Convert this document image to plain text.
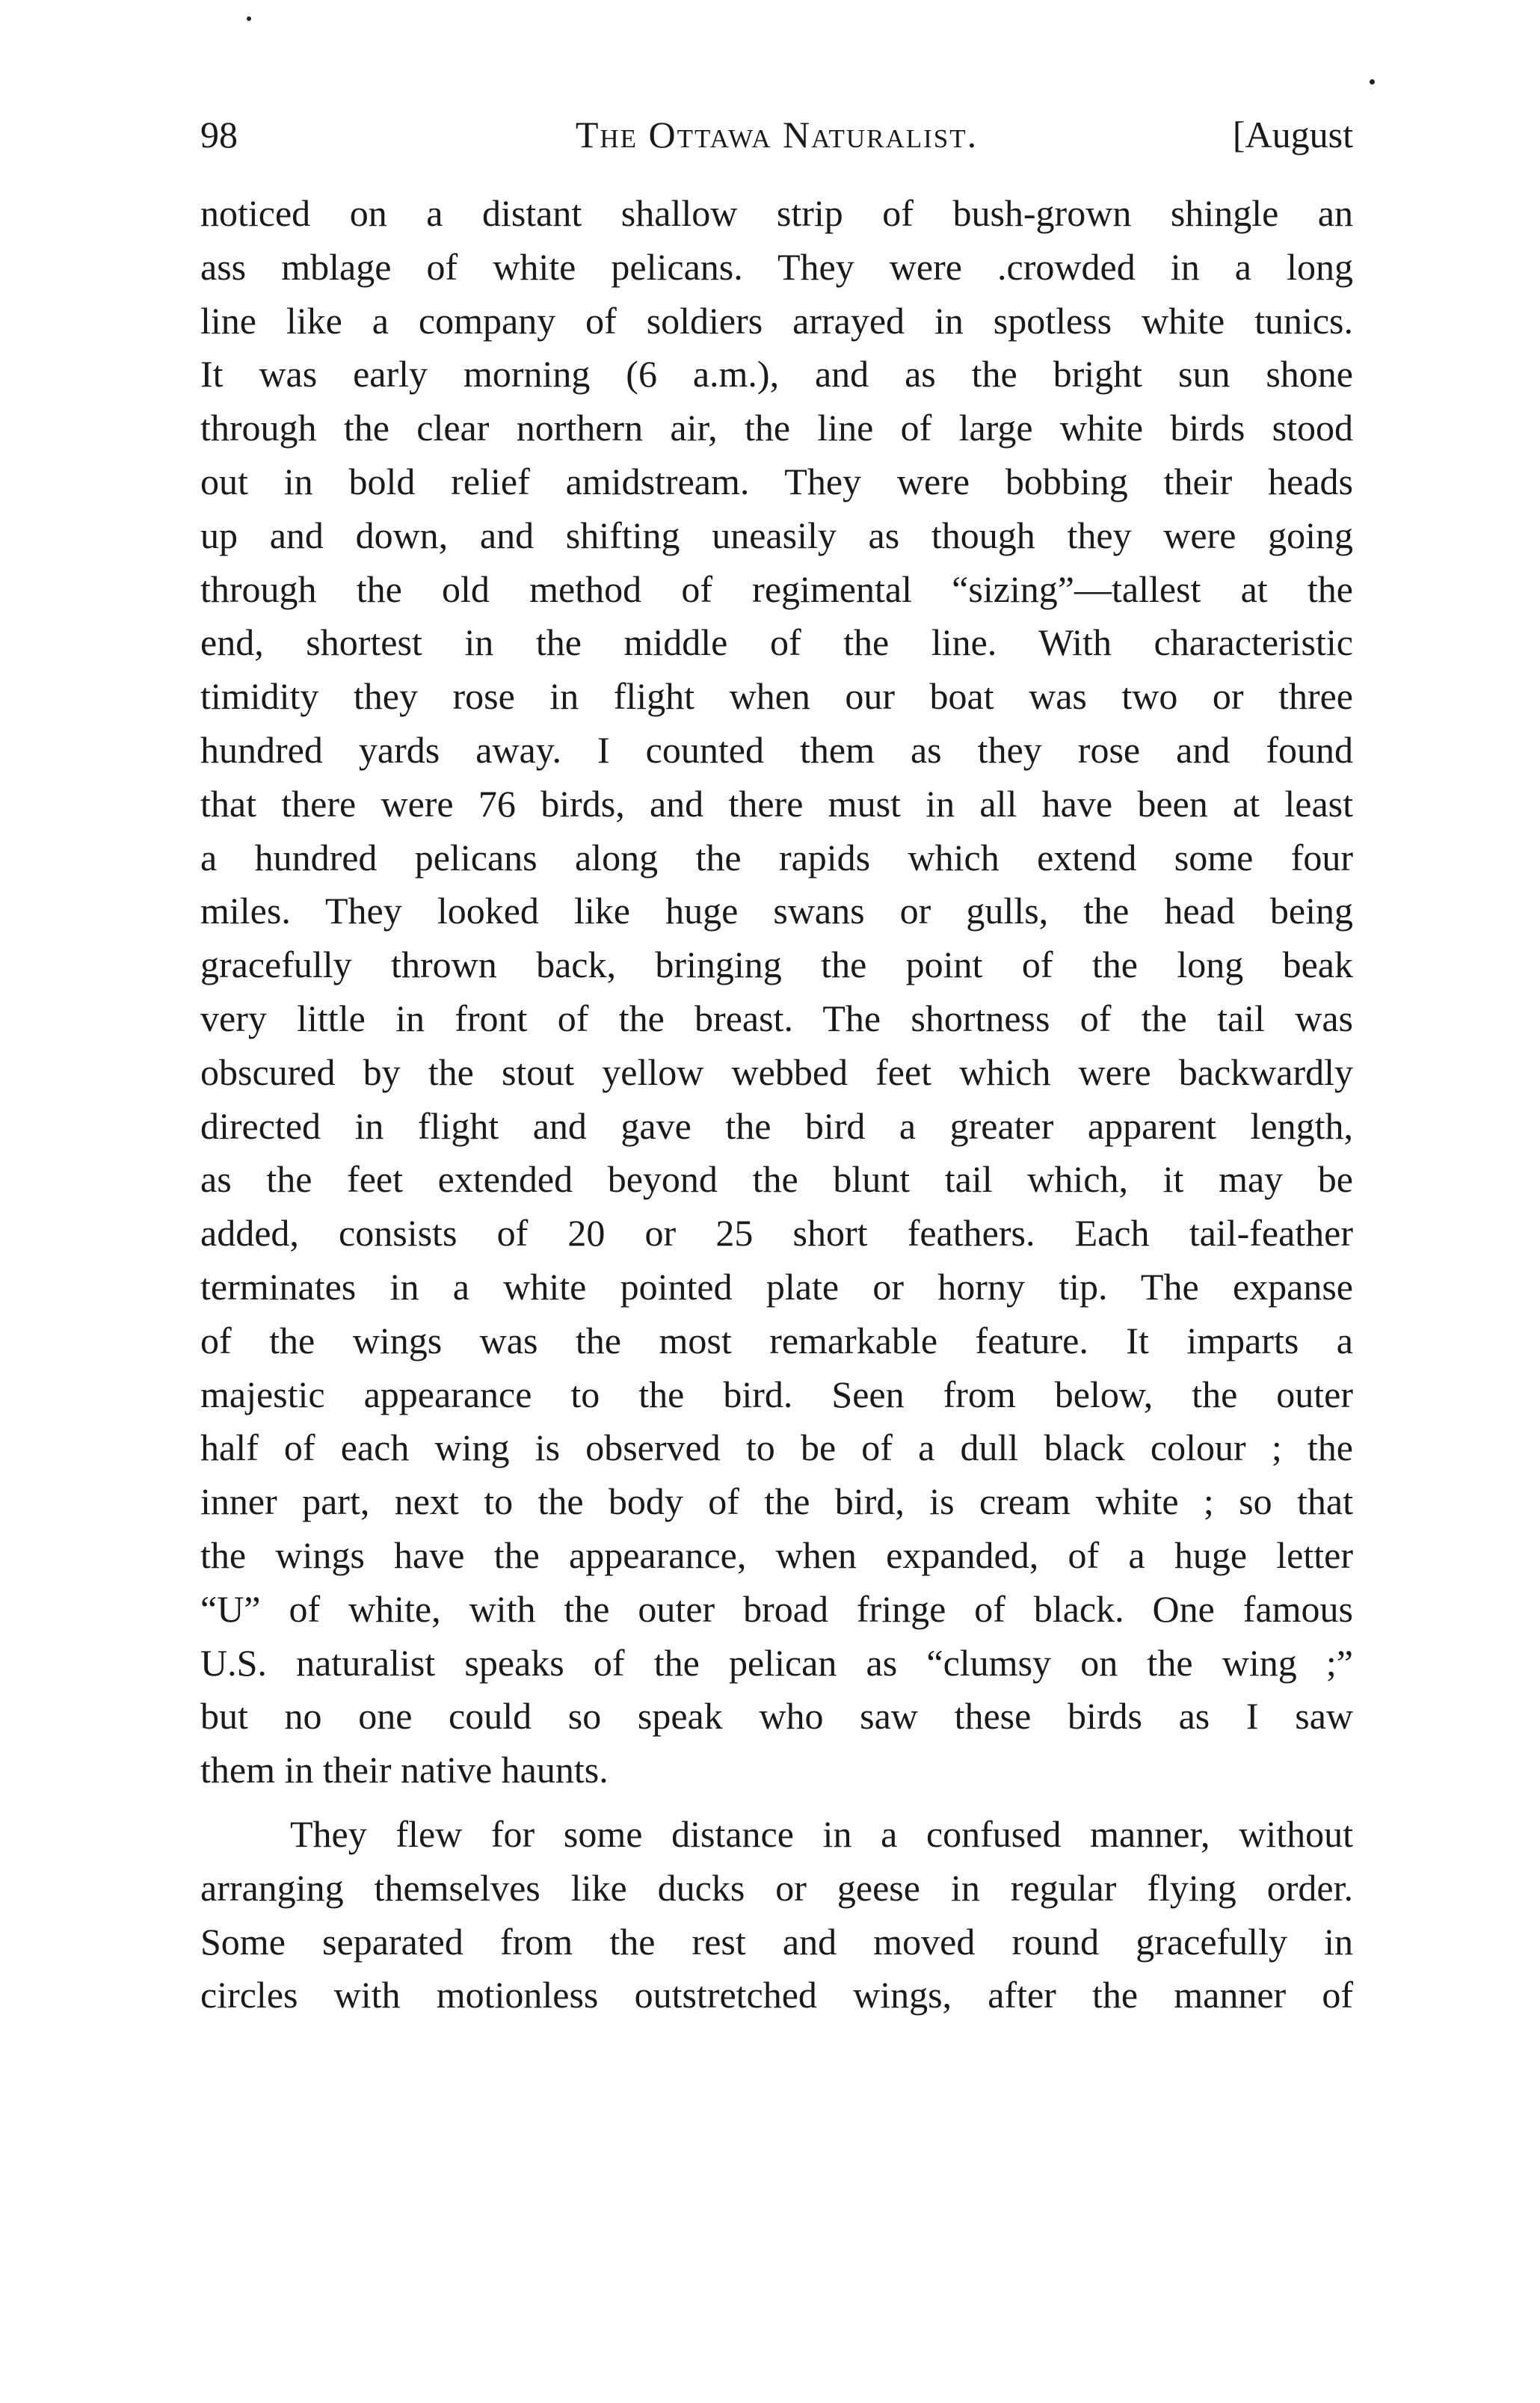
98	The Ottawa Naturalist.	[August
noticed on a distant shallow strip of bush-grown shingle an
ass mblage of white pelicans. They were .crowded in a long
line like a company of soldiers arrayed in spotless white tunics.
It was early morning (6 a.m.), and as the bright sun shone
through the clear northern air, the line of large white birds stood
out in bold relief amidstream. They were bobbing their heads
up and down, and shifting uneasily as though they were going
through the old method of regimental “sizing”—tallest at the
end, shortest in the middle of the line. With characteristic
timidity they rose in flight when our boat was two or three
hundred yards away. I counted them as they rose and found
that there were 76 birds, and there must in all have been at least
a hundred pelicans along the rapids which extend some four
miles. They looked like huge swans or gulls, the head being
gracefully thrown back, bringing the point of the long beak
very little in front of the breast. The shortness of the tail was
obscured by the stout yellow webbed feet which were backwardly
directed in flight and gave the bird a greater apparent length,
as the feet extended beyond the blunt tail which, it may be
added, consists of 20 or 25 short feathers. Each tail-feather
terminates in a white pointed plate or horny tip. The expanse
of the wings was the most remarkable feature. It imparts a
majestic appearance to the bird. Seen from below, the outer
half of each wing is observed to be of a dull black colour ; the
inner part, next to the body of the bird, is cream white ; so that
the wings have the appearance, when expanded, of a huge letter
“U” of white, with the outer broad fringe of black. One famous
U.S. naturalist speaks of the pelican as “clumsy on the wing ;”
but no one could so speak who saw these birds as I saw
them in their native haunts.
They flew for some distance in a confused manner, without
arranging themselves like ducks or geese in regular flying order.
Some separated from the rest and moved round gracefully in
circles with motionless outstretched wings, after the manner of
